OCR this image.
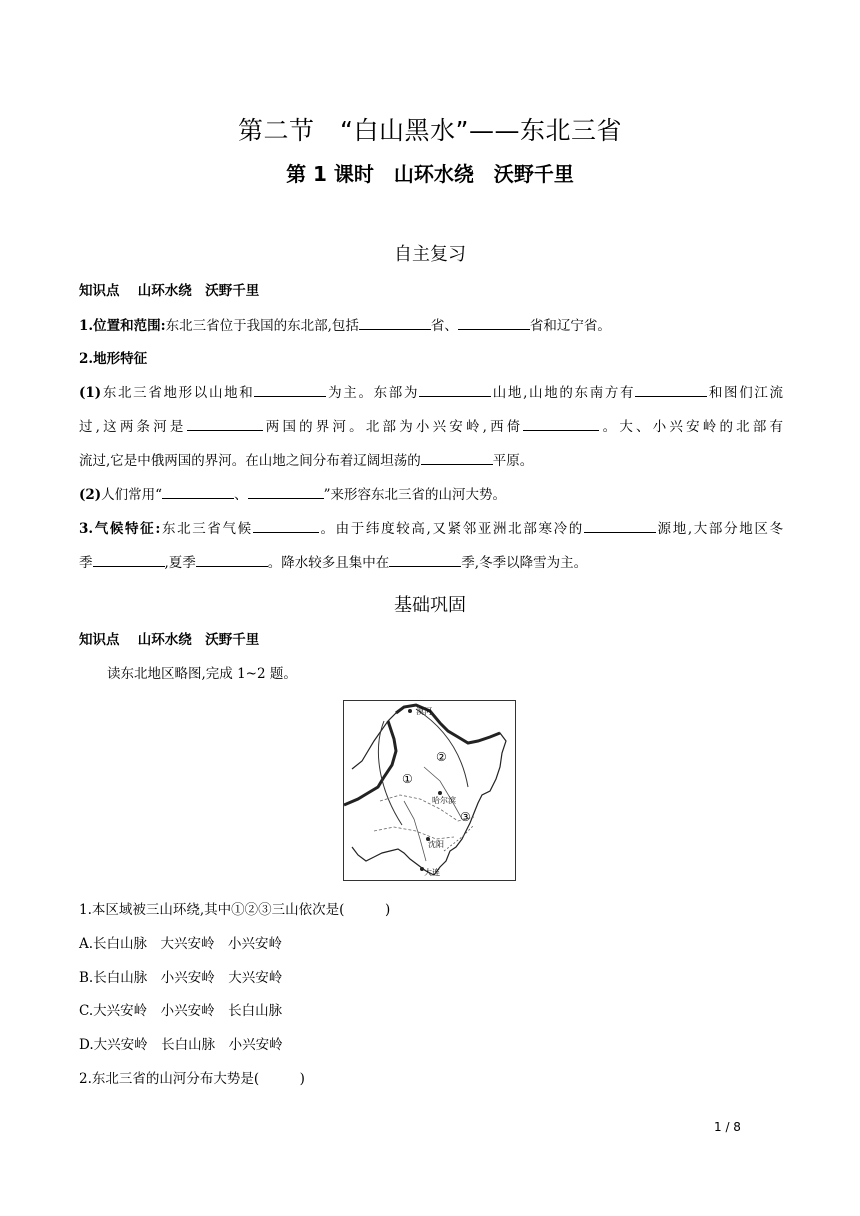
第二节　“白山黑水”——东北三省
第 1 课时　山环水绕　沃野千里
自主复习
知识点　 山环水绕　沃野千里
1.位置和范围:东北三省位于我国的东北部,包括	省、	省和辽宁省。
2.地形特征
(1)东北三省地形以山地和	为主。东部为	山地,山地的东南方有	和图们江流
过,这两条河是	两国的界河。北部为小兴安岭,西倚	。大、小兴安岭的北部有
流过,它是中俄两国的界河。在山地之间分布着辽阔坦荡的	平原。
(2)人们常用“	、	”来形容东北三省的山河大势。
3.气候特征:东北三省气候	。由于纬度较高,又紧邻亚洲北部寒冷的	源地,大部分地区冬
季	,夏季	。降水较多且集中在	季,冬季以降雪为主。
基础巩固
知识点　 山环水绕　沃野千里
读东北地区略图,完成 1~2 题。
漠河
哈尔滨
沈阳
大连
①
②
③
1.本区域被三山环绕,其中①②③三山依次是(　　　)
A.长白山脉　大兴安岭　小兴安岭
B.长白山脉　小兴安岭　大兴安岭
C.大兴安岭　小兴安岭　长白山脉
D.大兴安岭　长白山脉　小兴安岭
2.东北三省的山河分布大势是(　　　)
1 / 8
